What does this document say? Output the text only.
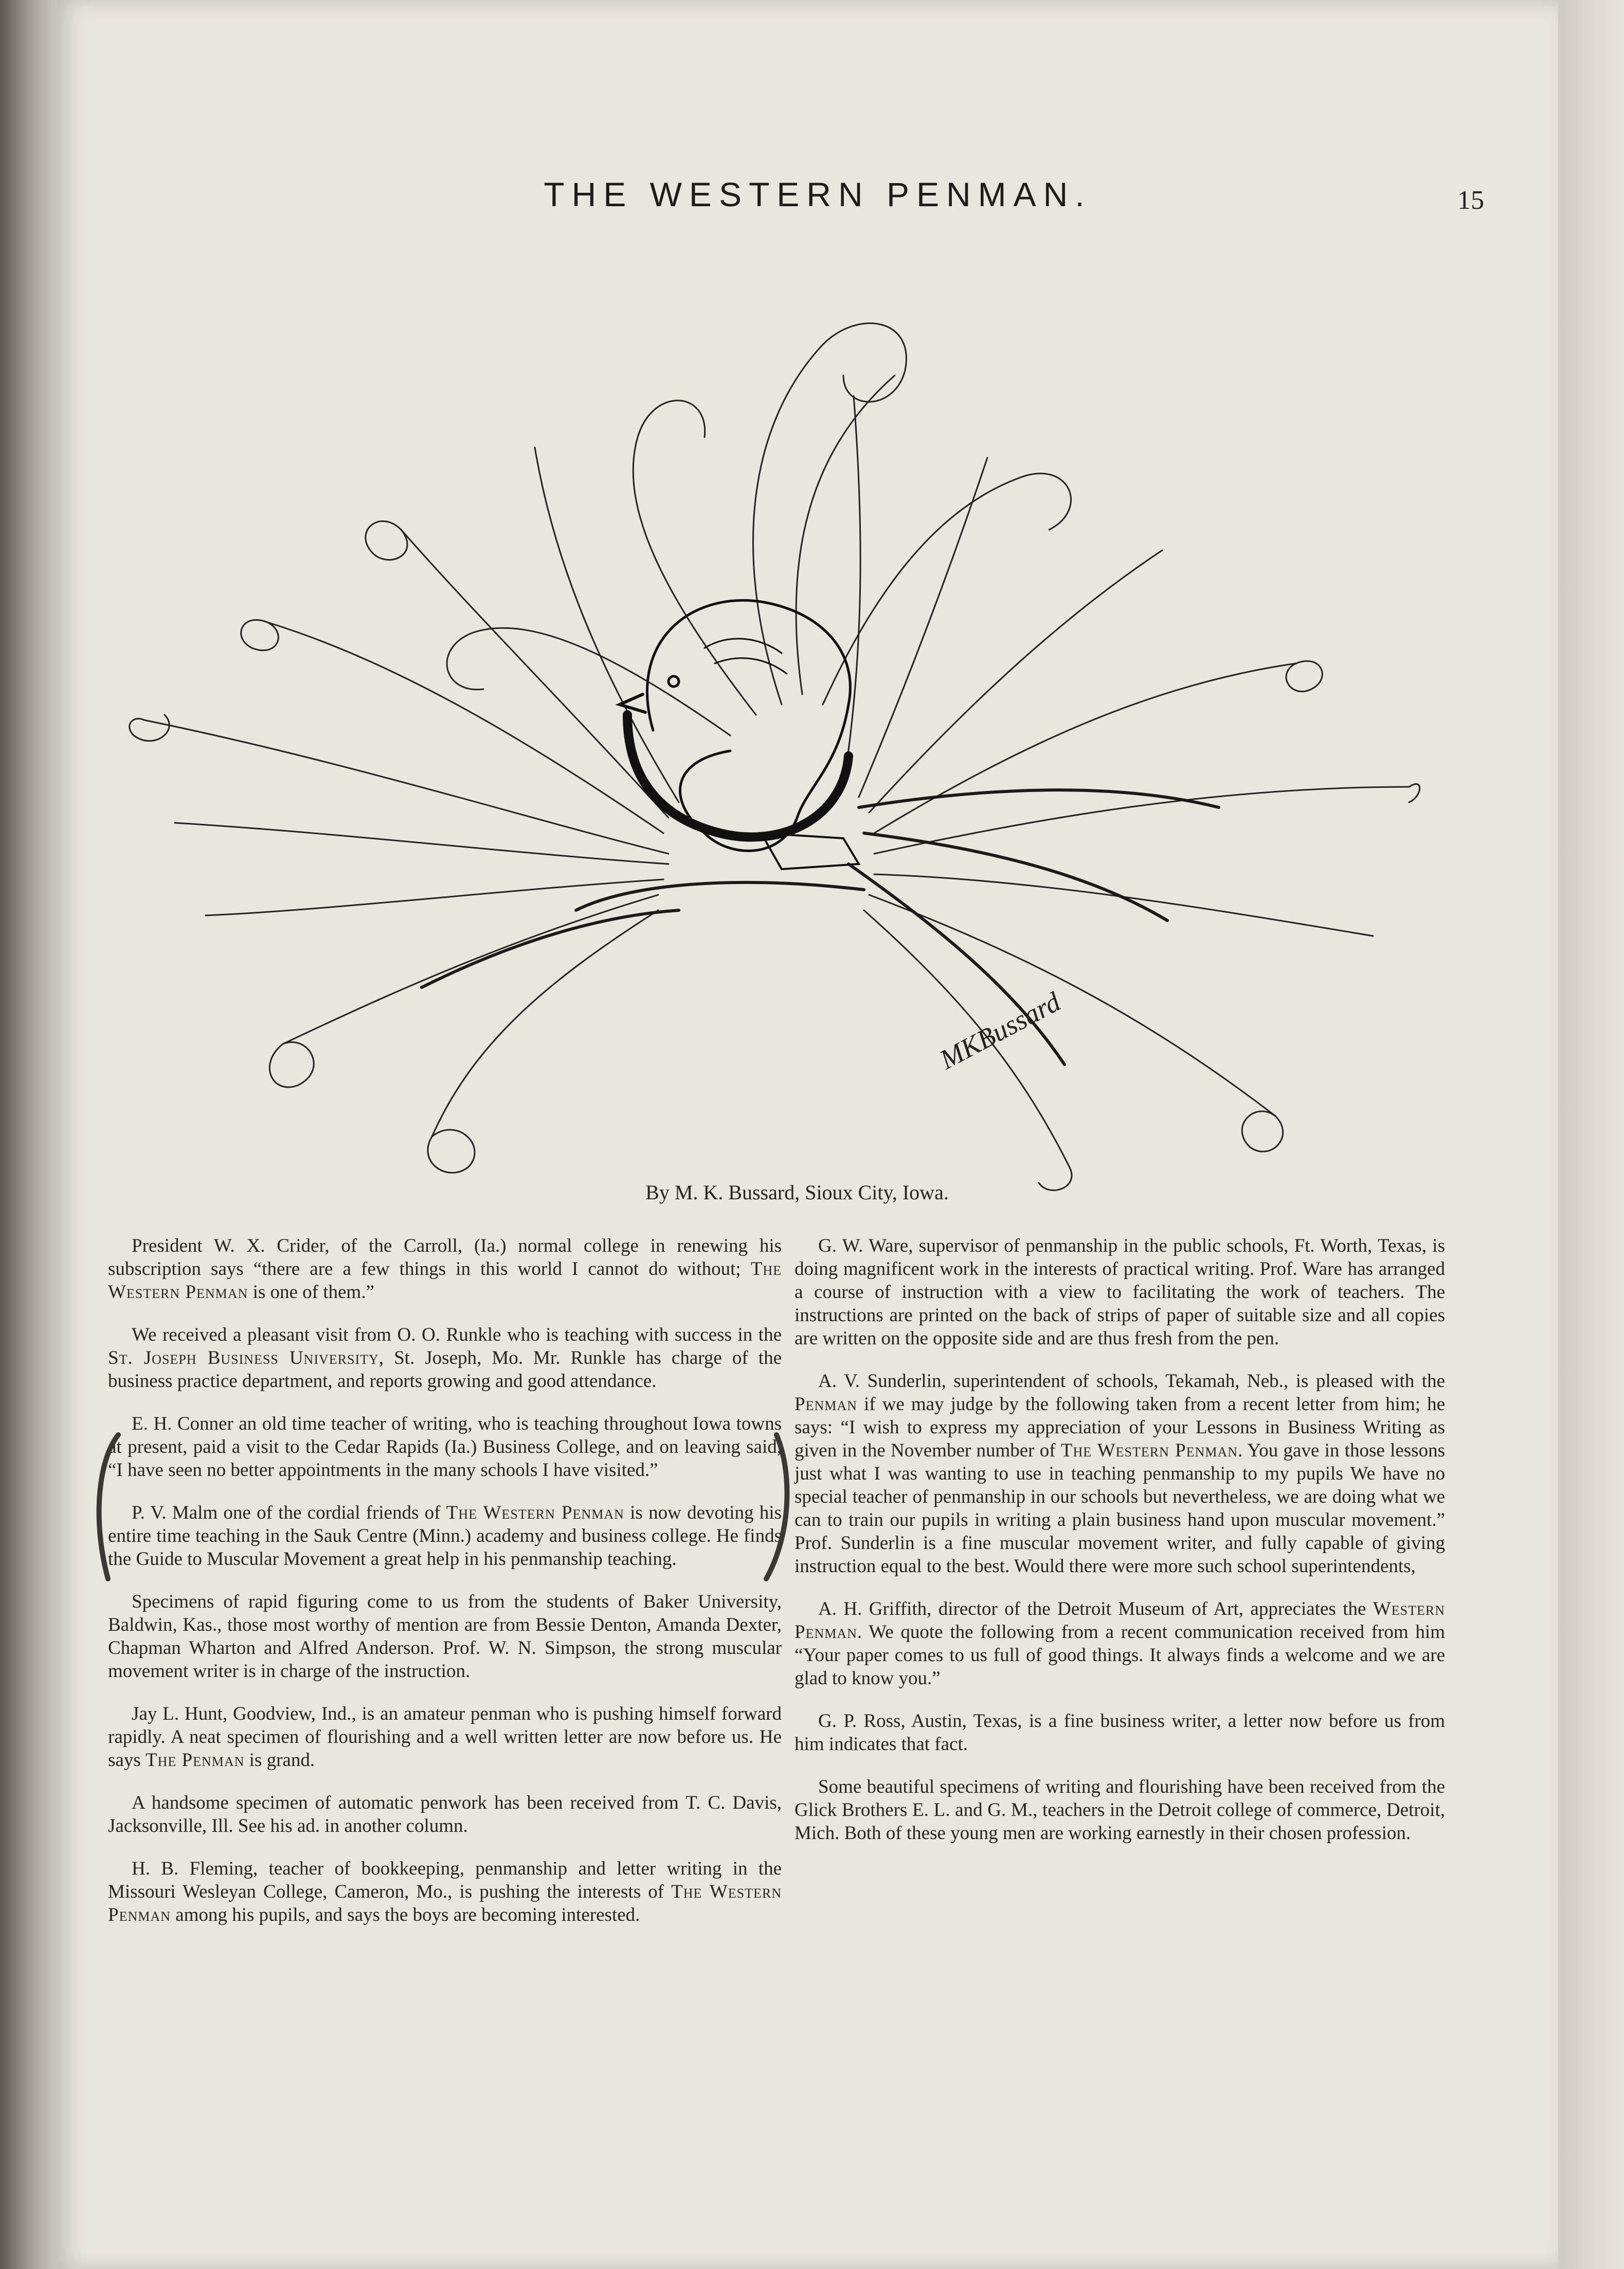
THE WESTERN PENMAN.	15
MKBussard
By M. K. Bussard, Sioux City, Iowa.

President W. X. Crider, of the Carroll, (Ia.) normal college in renewing his subscription says “there are a few things in this world I cannot do without; The Western Penman is one of them.”

We received a pleasant visit from O. O. Runkle who is teaching with success in the St. Joseph Business University, St. Joseph, Mo. Mr. Runkle has charge of the business practice department, and reports growing and good attendance.

E. H. Conner an old time teacher of writing, who is teaching throughout Iowa towns at present, paid a visit to the Cedar Rapids (Ia.) Business College, and on leaving said, “I have seen no better appointments in the many schools I have visited.”

P. V. Malm one of the cordial friends of The Western Penman is now devoting his entire time teaching in the Sauk Centre (Minn.) academy and business college. He finds the Guide to Muscular Movement a great help in his penmanship teaching.

Specimens of rapid figuring come to us from the students of Baker University, Baldwin, Kas., those most worthy of mention are from Bessie Denton, Amanda Dexter, Chapman Wharton and Alfred Anderson. Prof. W. N. Simpson, the strong muscular movement writer is in charge of the instruction.

Jay L. Hunt, Goodview, Ind., is an amateur penman who is pushing himself forward rapidly. A neat specimen of flourishing and a well written letter are now before us. He says The Penman is grand.

A handsome specimen of automatic penwork has been received from T. C. Davis, Jacksonville, Ill. See his ad. in another column.

H. B. Fleming, teacher of bookkeeping, penmanship and letter writing in the Missouri Wesleyan College, Cameron, Mo., is pushing the interests of The Western Penman among his pupils, and says the boys are becoming interested.

G. W. Ware, supervisor of penmanship in the public schools, Ft. Worth, Texas, is doing magnificent work in the interests of practical writing. Prof. Ware has arranged a course of instruction with a view to facilitating the work of teachers. The instructions are printed on the back of strips of paper of suitable size and all copies are written on the opposite side and are thus fresh from the pen.

A. V. Sunderlin, superintendent of schools, Tekamah, Neb., is pleased with the Penman if we may judge by the following taken from a recent letter from him; he says: “I wish to express my appreciation of your Lessons in Business Writing as given in the November number of The Western Penman. You gave in those lessons just what I was wanting to use in teaching penmanship to my pupils We have no special teacher of penmanship in our schools but nevertheless, we are doing what we can to train our pupils in writing a plain business hand upon muscular movement.” Prof. Sunderlin is a fine muscular movement writer, and fully capable of giving instruction equal to the best. Would there were more such school superintendents,

A. H. Griffith, director of the Detroit Museum of Art, appreciates the Western Penman. We quote the following from a recent communication received from him “Your paper comes to us full of good things. It always finds a welcome and we are glad to know you.”

G. P. Ross, Austin, Texas, is a fine business writer, a letter now before us from him indicates that fact.

Some beautiful specimens of writing and flourishing have been received from the Glick Brothers E. L. and G. M., teachers in the Detroit college of commerce, Detroit, Mich. Both of these young men are working earnestly in their chosen profession.
